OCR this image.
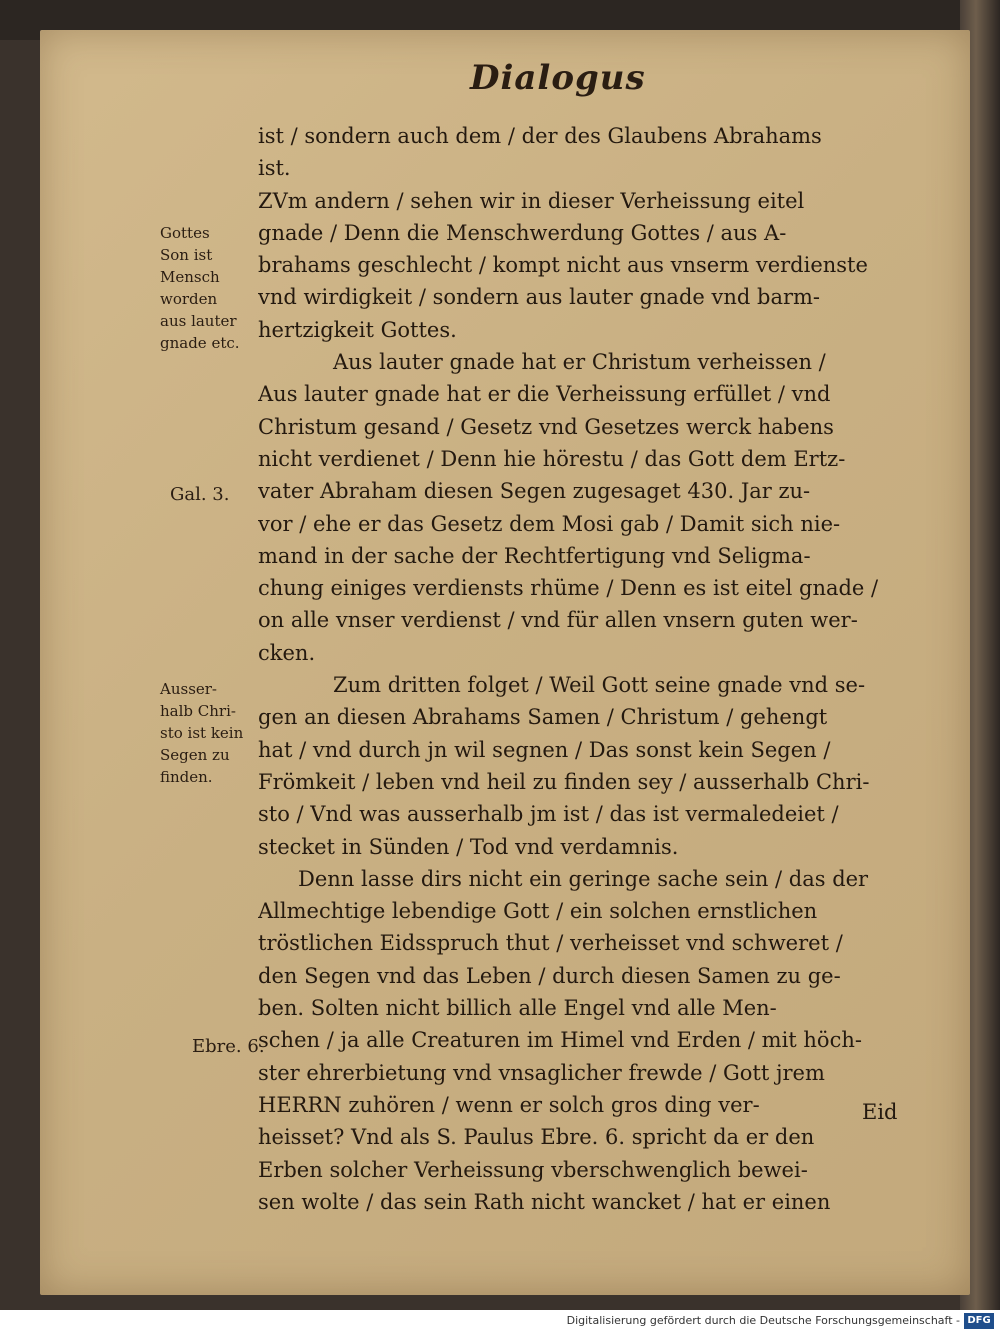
Dialogus
ist / sondern auch dem / der des Glaubens Abrahams
ist.
ZVm andern / sehen wir in dieser Verheissung eitel
gnade / Denn die Menschwerdung Gottes / aus A-
brahams geschlecht / kompt nicht aus vnserm verdienste
vnd wirdigkeit / sondern aus lauter gnade vnd barm-
hertzigkeit Gottes.
Aus lauter gnade hat er Christum verheissen /
Aus lauter gnade hat er die Verheissung erfüllet / vnd
Christum gesand / Gesetz vnd Gesetzes werck habens
nicht verdienet / Denn hie hörestu / das Gott dem Ertz-
vater Abraham diesen Segen zugesaget 430. Jar zu-
vor / ehe er das Gesetz dem Mosi gab / Damit sich nie-
mand in der sache der Rechtfertigung vnd Seligma-
chung einiges verdiensts rhüme / Denn es ist eitel gnade /
on alle vnser verdienst / vnd für allen vnsern guten wer-
cken.
Zum dritten folget / Weil Gott seine gnade vnd se-
gen an diesen Abrahams Samen / Christum / gehengt
hat / vnd durch jn wil segnen / Das sonst kein Segen /
Frömkeit / leben vnd heil zu finden sey / ausserhalb Chri-
sto / Vnd was ausserhalb jm ist / das ist vermaledeiet /
stecket in Sünden / Tod vnd verdamnis.
Denn lasse dirs nicht ein geringe sache sein / das der
Allmechtige lebendige Gott / ein solchen ernstlichen
tröstlichen Eidsspruch thut / verheisset vnd schweret /
den Segen vnd das Leben / durch diesen Samen zu ge-
ben. Solten nicht billich alle Engel vnd alle Men-
schen / ja alle Creaturen im Himel vnd Erden / mit höch-
ster ehrerbietung vnd vnsaglicher frewde / Gott jrem
HERRN zuhören / wenn er solch gros ding ver-
heisset? Vnd als S. Paulus Ebre. 6. spricht da er den
Erben solcher Verheissung vberschwenglich bewei-
sen wolte / das sein Rath nicht wancket / hat er einen
Eid
Gottes
Son ist
Mensch
worden
aus lauter
gnade etc.
Gal. 3.
Ausser-
halb Chri-
sto ist kein
Segen zu
finden.
Ebre. 6.
Digitalisierung gefördert durch die Deutsche Forschungsgemeinschaft - DFG
